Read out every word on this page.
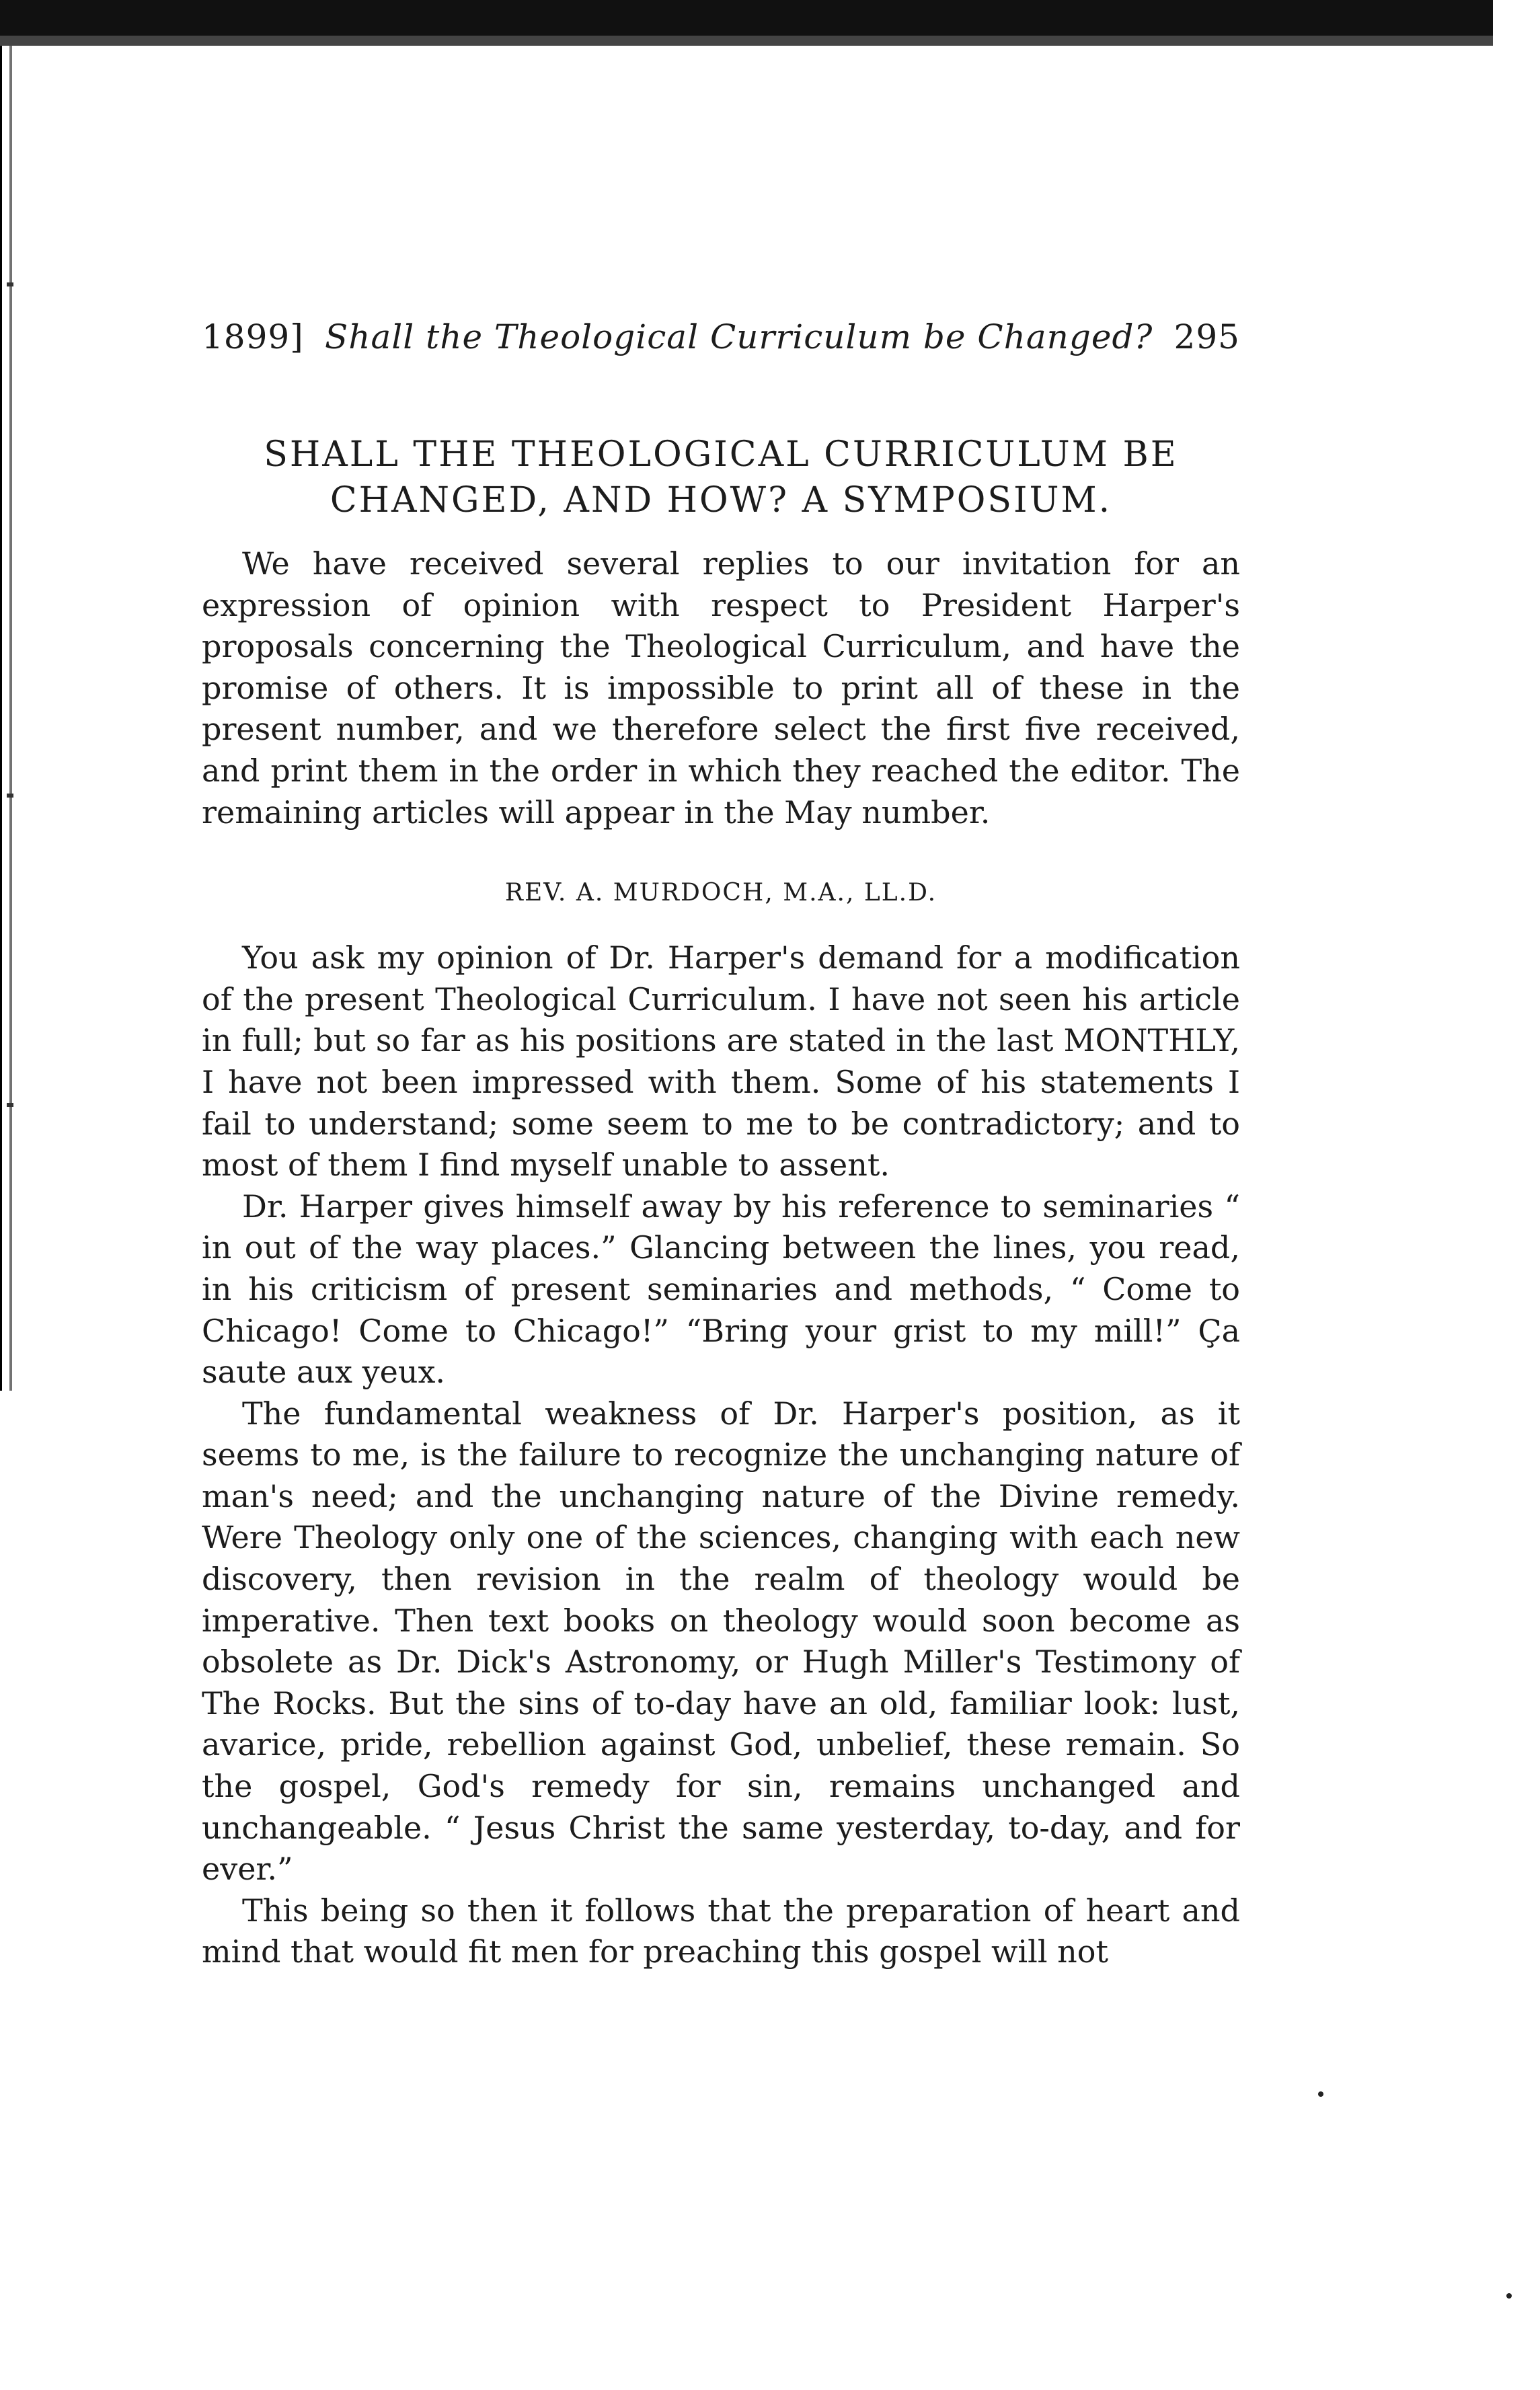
1899] Shall the Theological Curriculum be Changed? 295
SHALL THE THEOLOGICAL CURRICULUM BE
CHANGED, AND HOW? A SYMPOSIUM.

We have received several replies to our invitation for an expression of opinion with respect to President Harper's proposals concerning the Theological Curriculum, and have the promise of others. It is impossible to print all of these in the present number, and we therefore select the first five received, and print them in the order in which they reached the editor. The remaining articles will appear in the May number.

REV. A. MURDOCH, M.A., LL.D.

You ask my opinion of Dr. Harper's demand for a modification of the present Theological Curriculum. I have not seen his article in full; but so far as his positions are stated in the last MONTHLY, I have not been impressed with them. Some of his statements I fail to understand; some seem to me to be contradictory; and to most of them I find myself unable to assent.

Dr. Harper gives himself away by his reference to seminaries “ in out of the way places.” Glancing between the lines, you read, in his criticism of present seminaries and methods, “ Come to Chicago! Come to Chicago!” “Bring your grist to my mill!” Ça saute aux yeux.

The fundamental weakness of Dr. Harper's position, as it seems to me, is the failure to recognize the unchanging nature of man's need; and the unchanging nature of the Divine remedy. Were Theology only one of the sciences, changing with each new discovery, then revision in the realm of theology would be imperative. Then text books on theology would soon become as obsolete as Dr. Dick's Astronomy, or Hugh Miller's Testimony of The Rocks. But the sins of to-day have an old, familiar look: lust, avarice, pride, rebellion against God, unbelief, these remain. So the gospel, God's remedy for sin, remains unchanged and unchangeable. “ Jesus Christ the same yesterday, to-day, and for ever.”

This being so then it follows that the preparation of heart and mind that would fit men for preaching this gospel will not
